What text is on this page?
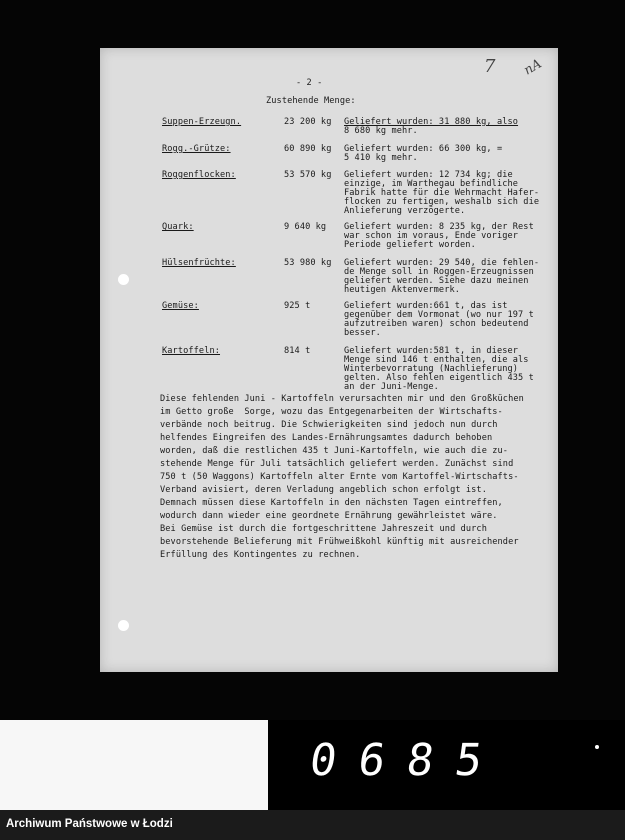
- 2 -
7 nA
Zustehende Menge:
Suppen-Erzeugn.	23 200 kg Geliefert wurden: 31 880 kg, also
8 680 kg mehr.
Rogg.-Grütze:	60 890 kg Geliefert wurden: 66 300 kg, =
5 410 kg mehr.
Roggenflocken:	53 570 kg Geliefert wurden: 12 734 kg; die
einzige, im Warthegau befindliche
Fabrik hatte für die Wehrmacht Hafer-
flocken zu fertigen, weshalb sich die
Anlieferung verzögerte.
Quark:	9 640 kg Geliefert wurden: 8 235 kg, der Rest
war schon im voraus, Ende voriger
Periode geliefert worden.
Hülsenfrüchte:	53 980 kg Geliefert wurden: 29 540, die fehlen-
de Menge soll in Roggen-Erzeugnissen
geliefert werden. Siehe dazu meinen
heutigen Aktenvermerk.
Gemüse:	925 t	Geliefert wurden:661 t, das ist
gegenüber dem Vormonat (wo nur 197 t
aufzutreiben waren) schon bedeutend
besser.
Kartoffeln:	814 t	Geliefert wurden:581 t, in dieser
Menge sind 146 t enthalten, die als
Winterbevorratung (Nachlieferung)
gelten. Also fehlen eigentlich 435 t
an der Juni-Menge.
Diese fehlenden Juni - Kartoffeln verursachten mir und den Großküchen
im Getto große  Sorge, wozu das Entgegenarbeiten der Wirtschafts-
verbände noch beitrug. Die Schwierigkeiten sind jedoch nun durch
helfendes Eingreifen des Landes-Ernährungsamtes dadurch behoben
worden, daß die restlichen 435 t Juni-Kartoffeln, wie auch die zu-
stehende Menge für Juli tatsächlich geliefert werden. Zunächst sind
750 t (50 Waggons) Kartoffeln alter Ernte vom Kartoffel-Wirtschafts-
Verband avisiert, deren Verladung angeblich schon erfolgt ist.
Demnach müssen diese Kartoffeln in den nächsten Tagen eintreffen,
wodurch dann wieder eine geordnete Ernährung gewährleistet wäre.
Bei Gemüse ist durch die fortgeschrittene Jahreszeit und durch
bevorstehende Belieferung mit Frühweißkohl künftig mit ausreichender
Erfüllung des Kontingentes zu rechnen.
0685
Archiwum Państwowe w Łodzi
